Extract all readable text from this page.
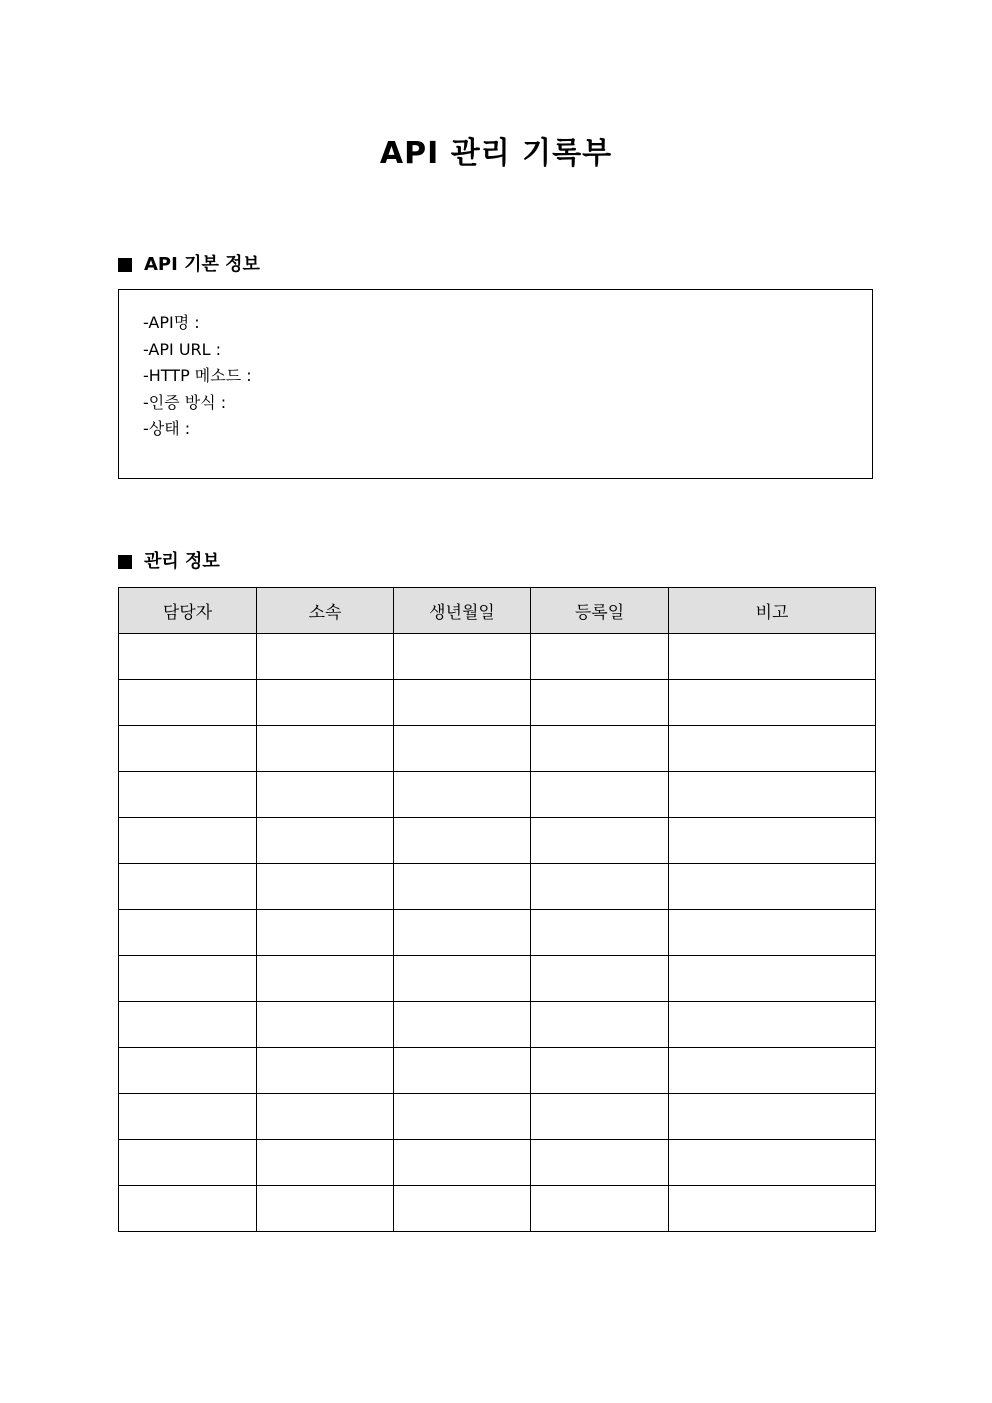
API 관리 기록부
API 기본 정보
-API명 :
-API URL :
-HTTP 메소드 :
-인증 방식 :
-상태 :
관리 정보
담당자	소속	생년월일	등록일	비고
